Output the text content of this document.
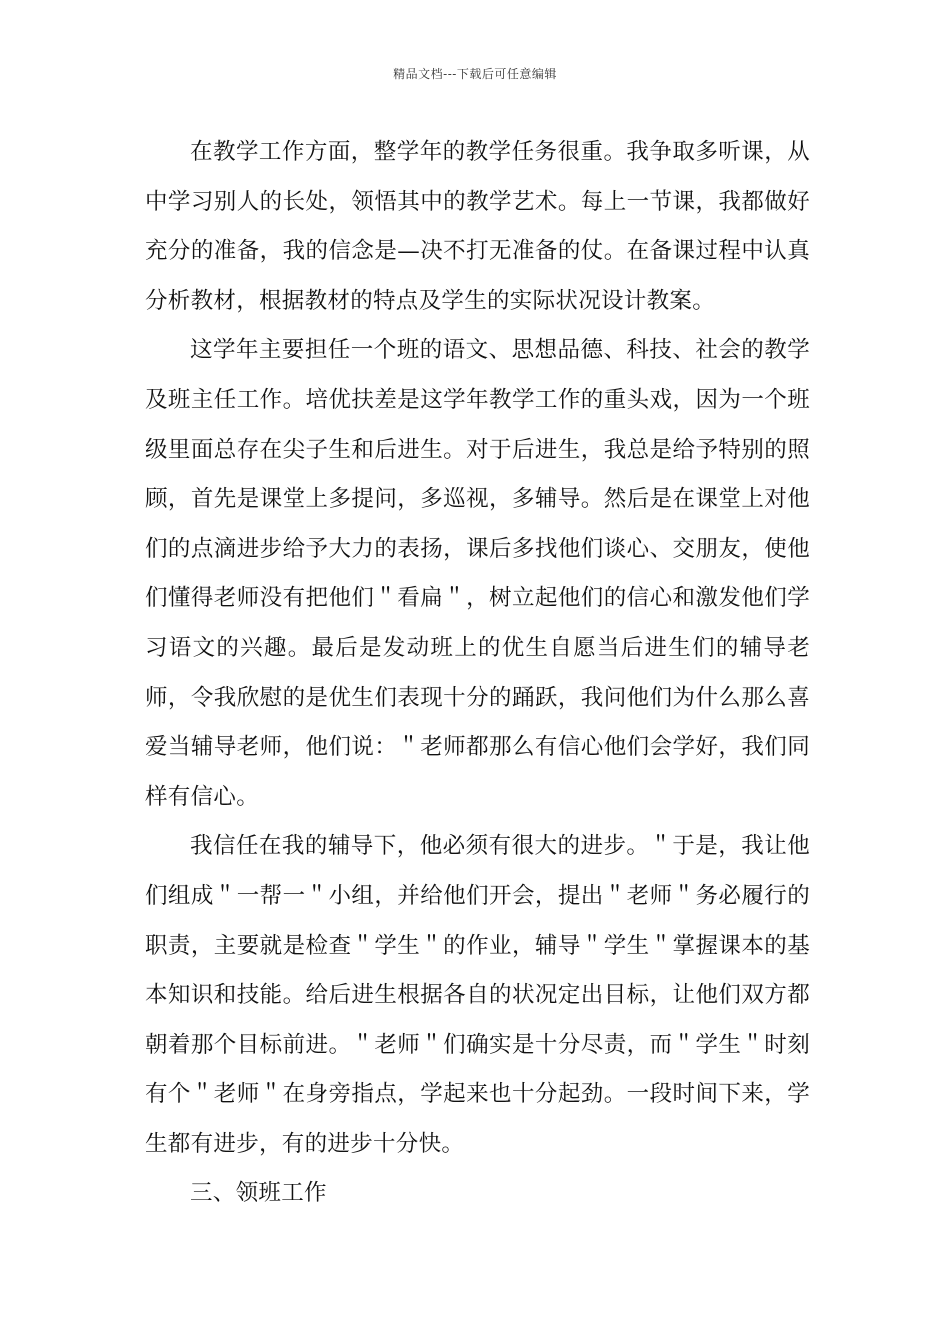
精品文档---下载后可任意编辑

在教学工作方面，整学年的教学任务很重。我争取多听课，从中学习别人的长处，领悟其中的教学艺术。每上一节课，我都做好充分的准备，我的信念是—决不打无准备的仗。在备课过程中认真分析教材，根据教材的特点及学生的实际状况设计教案。

这学年主要担任一个班的语文、思想品德、科技、社会的教学及班主任工作。培优扶差是这学年教学工作的重头戏，因为一个班级里面总存在尖子生和后进生。对于后进生，我总是给予特别的照顾，首先是课堂上多提问，多巡视，多辅导。然后是在课堂上对他们的点滴进步给予大力的表扬，课后多找他们谈心、交朋友，使他们懂得老师没有把他们＂看扁＂，树立起他们的信心和激发他们学习语文的兴趣。最后是发动班上的优生自愿当后进生们的辅导老师，令我欣慰的是优生们表现十分的踊跃，我问他们为什么那么喜爱当辅导老师，他们说：＂老师都那么有信心他们会学好，我们同样有信心。

我信任在我的辅导下，他必须有很大的进步。＂于是，我让他们组成＂一帮一＂小组，并给他们开会，提出＂老师＂务必履行的职责，主要就是检查＂学生＂的作业，辅导＂学生＂掌握课本的基本知识和技能。给后进生根据各自的状况定出目标，让他们双方都朝着那个目标前进。＂老师＂们确实是十分尽责，而＂学生＂时刻有个＂老师＂在身旁指点，学起来也十分起劲。一段时间下来，学生都有进步，有的进步十分快。

三、领班工作
